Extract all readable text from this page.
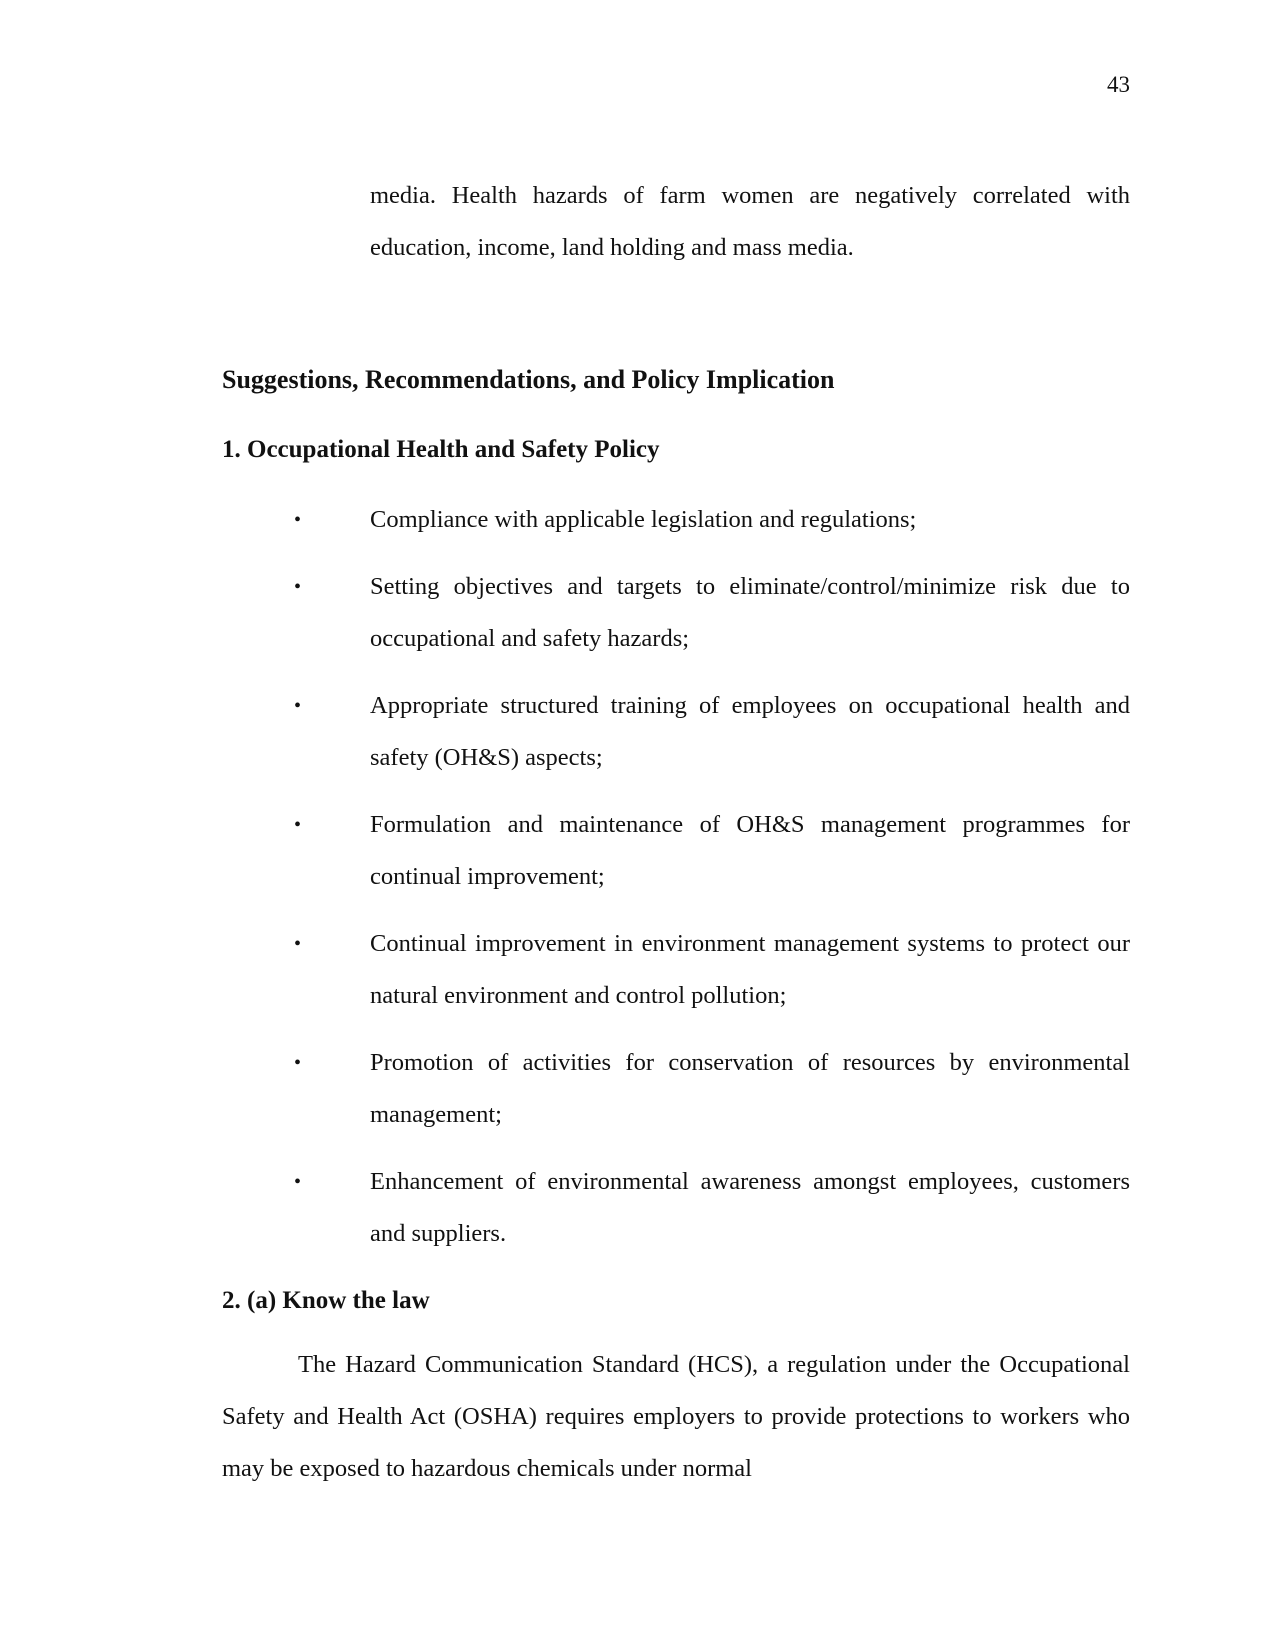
43

media. Health hazards of farm women are negatively correlated with education, income, land holding and mass media.

Suggestions, Recommendations, and Policy Implication
1. Occupational Health and Safety Policy
•	Compliance with applicable legislation and regulations;
•	Setting objectives and targets to eliminate/control/minimize risk due to occupational and safety hazards;
•	Appropriate structured training of employees on occupational health and safety (OH&S) aspects;
•	Formulation and maintenance of OH&S management programmes for continual improvement;
•	Continual improvement in environment management systems to protect our natural environment and control pollution;
•	Promotion of activities for conservation of resources by environmental management;
•	Enhancement of environmental awareness amongst employees, customers and suppliers.
2. (a) Know the law

The Hazard Communication Standard (HCS), a regulation under the Occupational Safety and Health Act (OSHA) requires employers to provide protections to workers who may be exposed to hazardous chemicals under normal
